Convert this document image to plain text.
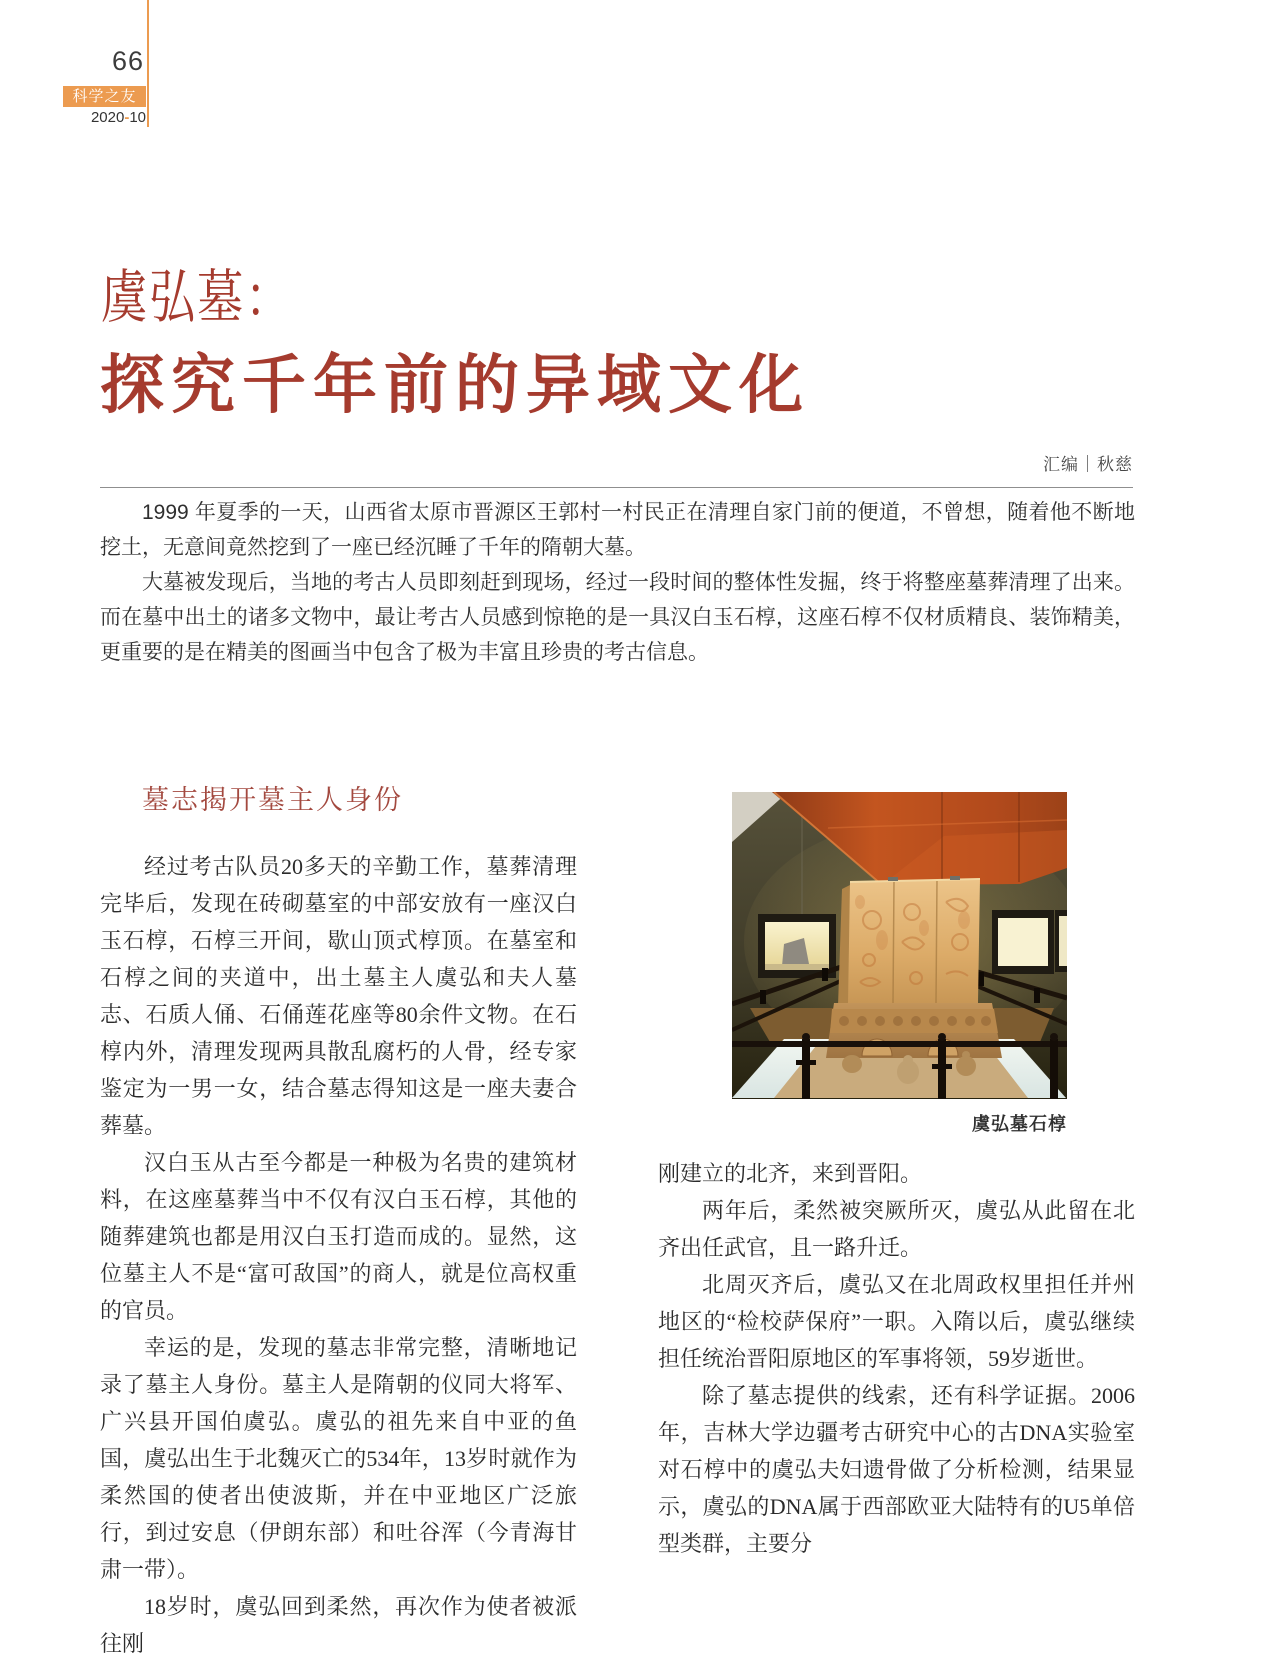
66
科学之友
2020-10
虞弘墓：
探究千年前的异域文化
汇编｜秋慈

1999 年夏季的一天，山西省太原市晋源区王郭村一村民正在清理自家门前的便道，不曾想，随着他不断地挖土，无意间竟然挖到了一座已经沉睡了千年的隋朝大墓。

大墓被发现后，当地的考古人员即刻赶到现场，经过一段时间的整体性发掘，终于将整座墓葬清理了出来。而在墓中出土的诸多文物中，最让考古人员感到惊艳的是一具汉白玉石椁，这座石椁不仅材质精良、装饰精美，更重要的是在精美的图画当中包含了极为丰富且珍贵的考古信息。

墓志揭开墓主人身份

经过考古队员20多天的辛勤工作，墓葬清理完毕后，发现在砖砌墓室的中部安放有一座汉白玉石椁，石椁三开间，歇山顶式椁顶。在墓室和石椁之间的夹道中，出土墓主人虞弘和夫人墓志、石质人俑、石俑莲花座等80余件文物。在石椁内外，清理发现两具散乱腐朽的人骨，经专家鉴定为一男一女，结合墓志得知这是一座夫妻合葬墓。

汉白玉从古至今都是一种极为名贵的建筑材料，在这座墓葬当中不仅有汉白玉石椁，其他的随葬建筑也都是用汉白玉打造而成的。显然，这位墓主人不是“富可敌国”的商人，就是位高权重的官员。

幸运的是，发现的墓志非常完整，清晰地记录了墓主人身份。墓主人是隋朝的仪同大将军、广兴县开国伯虞弘。虞弘的祖先来自中亚的鱼国，虞弘出生于北魏灭亡的534年，13岁时就作为柔然国的使者出使波斯，并在中亚地区广泛旅行，到过安息（伊朗东部）和吐谷浑（今青海甘肃一带）。

18岁时，虞弘回到柔然，再次作为使者被派往刚

虞弘墓石椁

刚建立的北齐，来到晋阳。

两年后，柔然被突厥所灭，虞弘从此留在北齐出任武官，且一路升迁。

北周灭齐后，虞弘又在北周政权里担任并州地区的“检校萨保府”一职。入隋以后，虞弘继续担任统治晋阳原地区的军事将领，59岁逝世。

除了墓志提供的线索，还有科学证据。2006年，吉林大学边疆考古研究中心的古DNA实验室对石椁中的虞弘夫妇遗骨做了分析检测，结果显示，虞弘的DNA属于西部欧亚大陆特有的U5单倍型类群，主要分
